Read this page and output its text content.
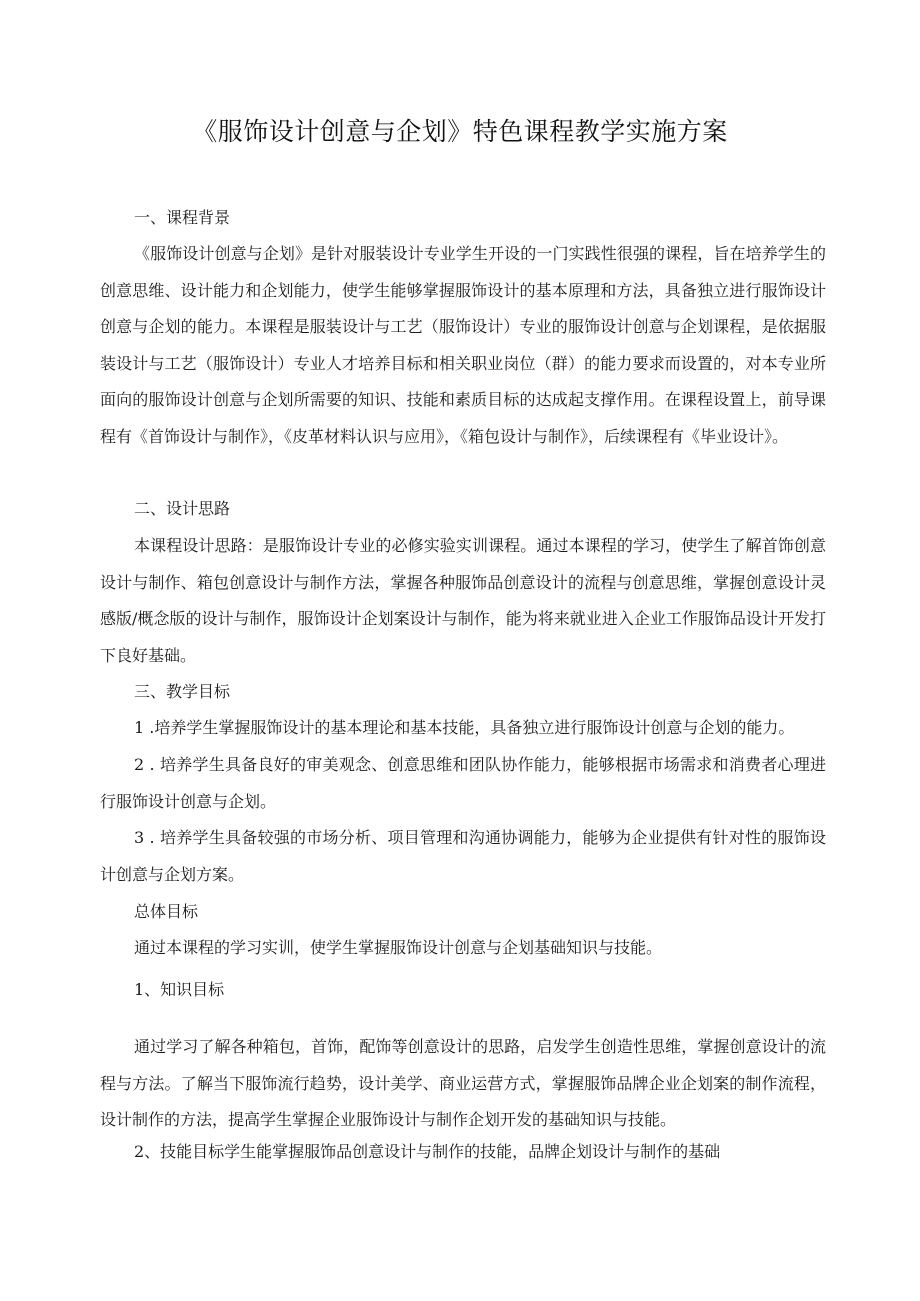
《服饰设计创意与企划》特色课程教学实施方案

一、课程背景

《服饰设计创意与企划》是针对服装设计专业学生开设的一门实践性很强的课程，旨在培养学生的创意思维、设计能力和企划能力，使学生能够掌握服饰设计的基本原理和方法，具备独立进行服饰设计创意与企划的能力。本课程是服装设计与工艺（服饰设计）专业的服饰设计创意与企划课程，是依据服装设计与工艺（服饰设计）专业人才培养目标和相关职业岗位（群）的能力要求而设置的，对本专业所面向的服饰设计创意与企划所需要的知识、技能和素质目标的达成起支撑作用。在课程设置上，前导课程有《首饰设计与制作》，《皮革材料认识与应用》，《箱包设计与制作》，后续课程有《毕业设计》。

二、设计思路

本课程设计思路：是服饰设计专业的必修实验实训课程。通过本课程的学习，使学生了解首饰创意设计与制作、箱包创意设计与制作方法，掌握各种服饰品创意设计的流程与创意思维，掌握创意设计灵感版/概念版的设计与制作，服饰设计企划案设计与制作，能为将来就业进入企业工作服饰品设计开发打下良好基础。

三、教学目标

1 .培养学生掌握服饰设计的基本理论和基本技能，具备独立进行服饰设计创意与企划的能力。

2 . 培养学生具备良好的审美观念、创意思维和团队协作能力，能够根据市场需求和消费者心理进行服饰设计创意与企划。

3 . 培养学生具备较强的市场分析、项目管理和沟通协调能力，能够为企业提供有针对性的服饰设计创意与企划方案。

总体目标

通过本课程的学习实训，使学生掌握服饰设计创意与企划基础知识与技能。

1、知识目标

通过学习了解各种箱包，首饰，配饰等创意设计的思路，启发学生创造性思维，掌握创意设计的流程与方法。了解当下服饰流行趋势，设计美学、商业运营方式，掌握服饰品牌企业企划案的制作流程，设计制作的方法，提高学生掌握企业服饰设计与制作企划开发的基础知识与技能。

2、技能目标学生能掌握服饰品创意设计与制作的技能，品牌企划设计与制作的基础
